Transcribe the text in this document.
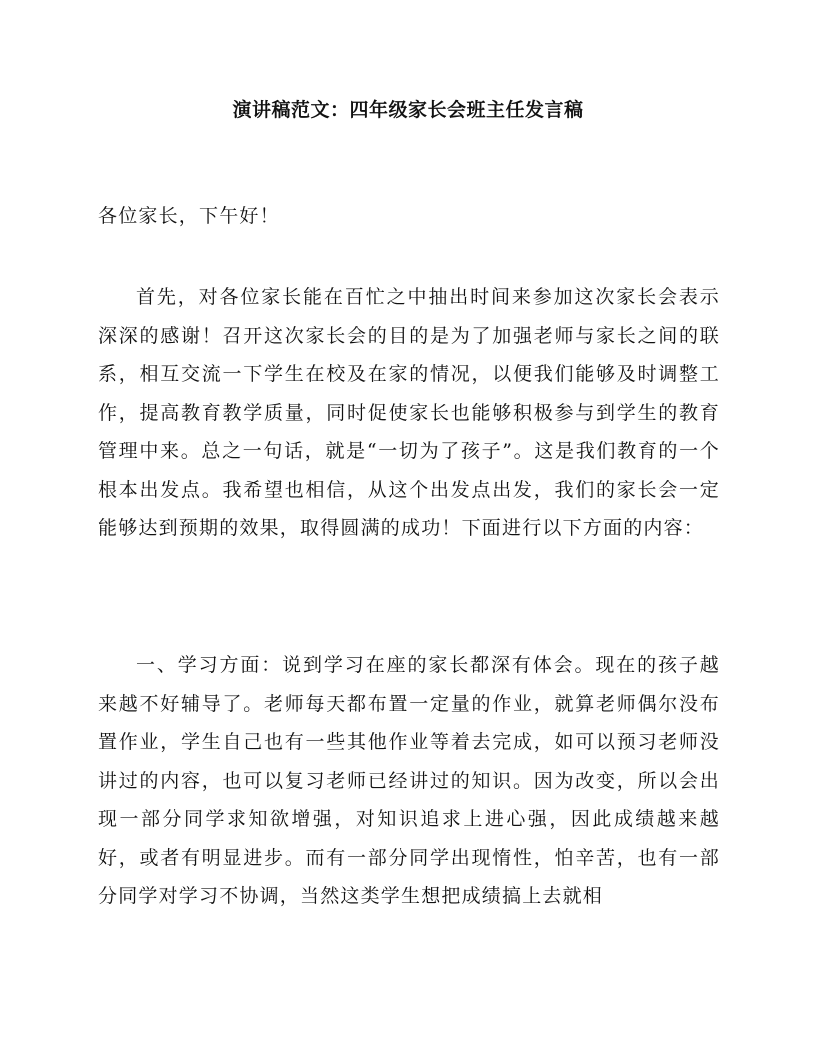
演讲稿范文：四年级家长会班主任发言稿
各位家长，下午好！

首先，对各位家长能在百忙之中抽出时间来参加这次家长会表示深深的感谢！召开这次家长会的目的是为了加强老师与家长之间的联系，相互交流一下学生在校及在家的情况，以便我们能够及时调整工作，提高教育教学质量，同时促使家长也能够积极参与到学生的教育管理中来。总之一句话，就是“一切为了孩子”。这是我们教育的一个根本出发点。我希望也相信，从这个出发点出发，我们的家长会一定能够达到预期的效果，取得圆满的成功！下面进行以下方面的内容：

一、学习方面：说到学习在座的家长都深有体会。现在的孩子越来越不好辅导了。老师每天都布置一定量的作业，就算老师偶尔没布置作业，学生自己也有一些其他作业等着去完成，如可以预习老师没讲过的内容，也可以复习老师已经讲过的知识。因为改变，所以会出现一部分同学求知欲增强，对知识追求上进心强，因此成绩越来越好，或者有明显进步。而有一部分同学出现惰性，怕辛苦，也有一部分同学对学习不协调，当然这类学生想把成绩搞上去就相
